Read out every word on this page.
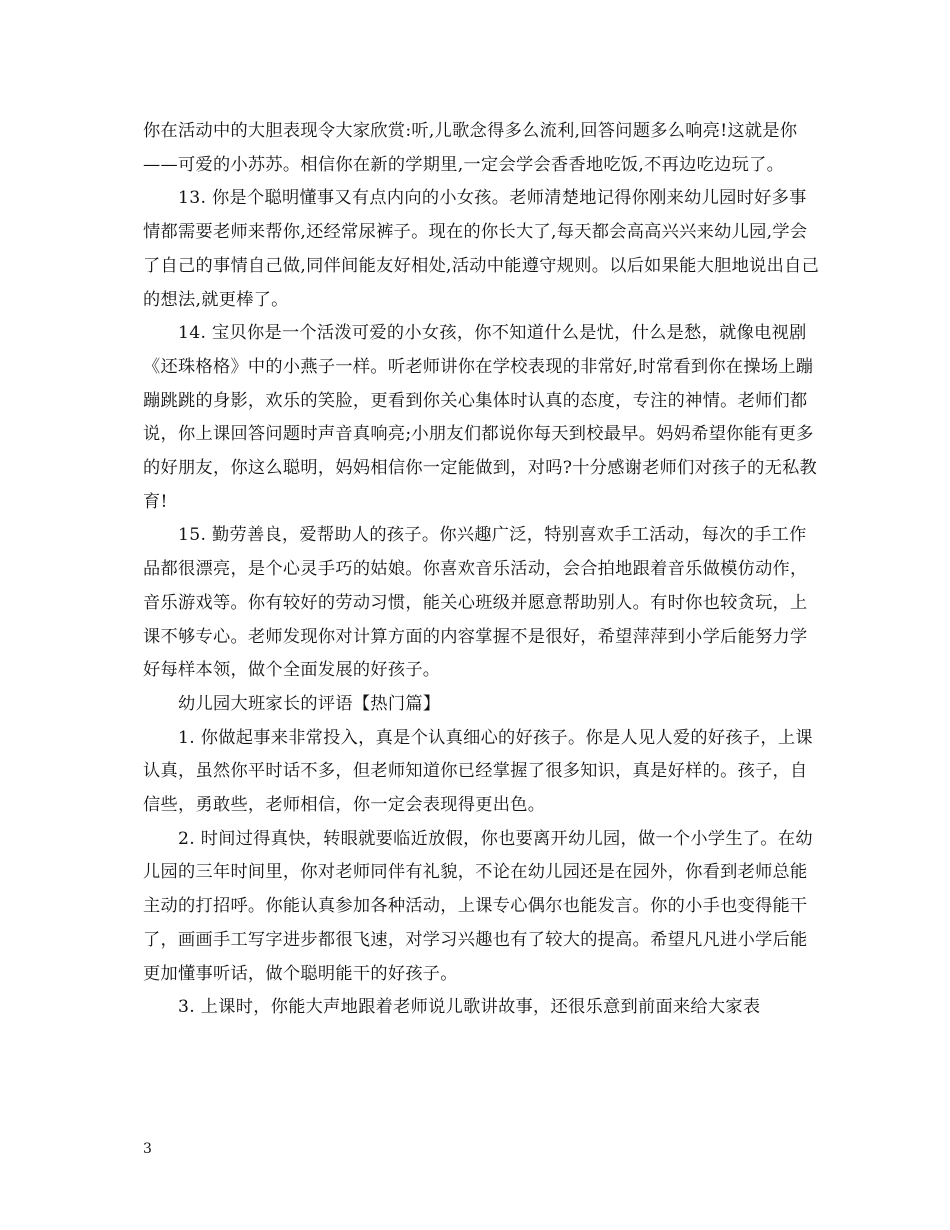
你在活动中的大胆表现令大家欣赏:听,儿歌念得多么流利,回答问题多么响亮!这就是你——可爱的小苏苏。相信你在新的学期里,一定会学会香香地吃饭,不再边吃边玩了。

13. 你是个聪明懂事又有点内向的小女孩。老师清楚地记得你刚来幼儿园时好多事情都需要老师来帮你,还经常尿裤子。现在的你长大了,每天都会高高兴兴来幼儿园,学会了自己的事情自己做,同伴间能友好相处,活动中能遵守规则。以后如果能大胆地说出自己的想法,就更棒了。

14. 宝贝你是一个活泼可爱的小女孩，你不知道什么是忧，什么是愁，就像电视剧《还珠格格》中的小燕子一样。听老师讲你在学校表现的非常好,时常看到你在操场上蹦蹦跳跳的身影，欢乐的笑脸，更看到你关心集体时认真的态度，专注的神情。老师们都说，你上课回答问题时声音真响亮;小朋友们都说你每天到校最早。妈妈希望你能有更多的好朋友，你这么聪明，妈妈相信你一定能做到，对吗?十分感谢老师们对孩子的无私教育!

15. 勤劳善良，爱帮助人的孩子。你兴趣广泛，特别喜欢手工活动，每次的手工作品都很漂亮，是个心灵手巧的姑娘。你喜欢音乐活动，会合拍地跟着音乐做模仿动作，音乐游戏等。你有较好的劳动习惯，能关心班级并愿意帮助别人。有时你也较贪玩，上课不够专心。老师发现你对计算方面的内容掌握不是很好，希望萍萍到小学后能努力学好每样本领，做个全面发展的好孩子。

幼儿园大班家长的评语【热门篇】

1. 你做起事来非常投入，真是个认真细心的好孩子。你是人见人爱的好孩子，上课认真，虽然你平时话不多，但老师知道你已经掌握了很多知识，真是好样的。孩子，自信些，勇敢些，老师相信，你一定会表现得更出色。

2. 时间过得真快，转眼就要临近放假，你也要离开幼儿园，做一个小学生了。在幼儿园的三年时间里，你对老师同伴有礼貌，不论在幼儿园还是在园外，你看到老师总能主动的打招呼。你能认真参加各种活动，上课专心偶尔也能发言。你的小手也变得能干了，画画手工写字进步都很飞速，对学习兴趣也有了较大的提高。希望凡凡进小学后能更加懂事听话，做个聪明能干的好孩子。

3. 上课时，你能大声地跟着老师说儿歌讲故事，还很乐意到前面来给大家表

3
